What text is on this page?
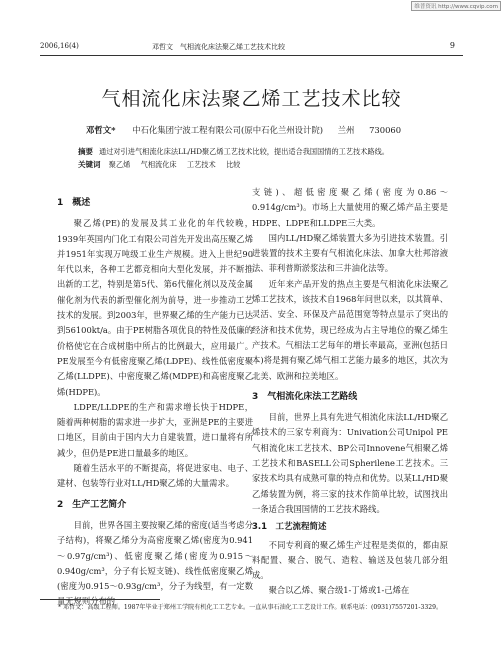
维普资讯 http://www.cqvip.com
2006,16(4)	邓哲文　气相流化床法聚乙烯工艺技术比较	9
气相流化床法聚乙烯工艺技术比较
邓哲文* 中石化集团宁波工程有限公司(原中石化兰州设计院) 兰州 730060
摘要 通过对引进气相流化床法LL/HD聚乙烯工艺技术比较，提出适合我国国情的工艺技术路线。
关键词 聚乙烯 气相流化床 工艺技术 比较
1　概述

聚乙烯(PE)的发展及其工业化的年代较晚，1939年英国内门化工有限公司首先开发出高压聚乙烯并1951年实现万吨级工业生产规模。进入上世纪90年代以来，各种工艺都竞相向大型化发展，并不断推出新的工艺，特别是第5代、第6代催化剂以及茂金属催化剂为代表的新型催化剂为前导，进一步推动工艺技术的发展。到2003年，世界聚乙烯的生产能力已达到56100kt/a。由于PE树脂各项优良的特性及低廉的价格使它在合成树脂中所占的比例最大，应用最广。PE发展至今有低密度聚乙烯(LDPE)、线性低密度聚乙烯(LLDPE)、中密度聚乙烯(MDPE)和高密度聚乙烯(HDPE)。

LDPE/LLDPE的生产和需求增长快于HDPE，随着两种树脂的需求进一步扩大，亚洲是PE的主要进口地区，目前由于国内大力自建装置，进口量将有所减少，但仍是PE进口量最多的地区。

随着生活水平的不断提高，将促进家电、电子、建材、包装等行业对LL/HD聚乙烯的大量需求。

2　生产工艺简介

目前，世界各国主要按聚乙烯的密度(适当考虑分子结构)，将聚乙烯分为高密度聚乙烯(密度为0.941～0.97g/cm³)、低密度聚乙烯(密度为0.915～0.940g/cm³，分子有长短支链)、线性低密度聚乙烯(密度为0.915～0.93g/cm³，分子为线型，有一定数量无规则分布的

支链)、超低密度聚乙烯(密度为0.86～0.914g/cm³)。市场上大量使用的聚乙烯产品主要是HDPE、LDPE和LLDPE三大类。

国内LL/HD聚乙烯装置大多为引进技术装置。引进装置的技术主要有气相流化床法、加拿大杜邦溶液法、菲利普斯淤浆法和三井油化法等。

近年来产品开发的热点主要是气相流化床法聚乙烯工艺技术，该技术自1968年问世以来，以其简单、灵活、安全、环保及产品范围宽等特点显示了突出的经济和技术优势，现已经成为占主导地位的聚乙烯生产技术。气相法工艺每年的增长率最高，亚洲(包括日本)将是拥有聚乙烯气相工艺能力最多的地区，其次为北美、欧洲和拉美地区。

3　气相流化床法工艺路线

目前，世界上具有先进气相流化床法LL/HD聚乙烯技术的三家专利商为：Univation公司Unipol PE气相流化床工艺技术、BP公司Innovene气相聚乙烯工艺技术和BASELL公司Spherilene工艺技术。三家技术均具有成熟可靠的特点和优势。以某LL/HD聚乙烯装置为例，将三家的技术作简单比较，试图找出一条适合我国国情的工艺技术路线。

3.1　工艺流程简述

不同专利商的聚乙烯生产过程是类似的，都由原料配置、聚合、脱气、造粒、输送及包装几部分组成。

聚合以乙烯、聚合级1-丁烯或1-己烯在

* 邓哲文：高级工程师。1987年毕业于郑州工学院有机化工工艺专业。一直从事石油化工工艺设计工作。联系电话：(0931)7557201-3329。
